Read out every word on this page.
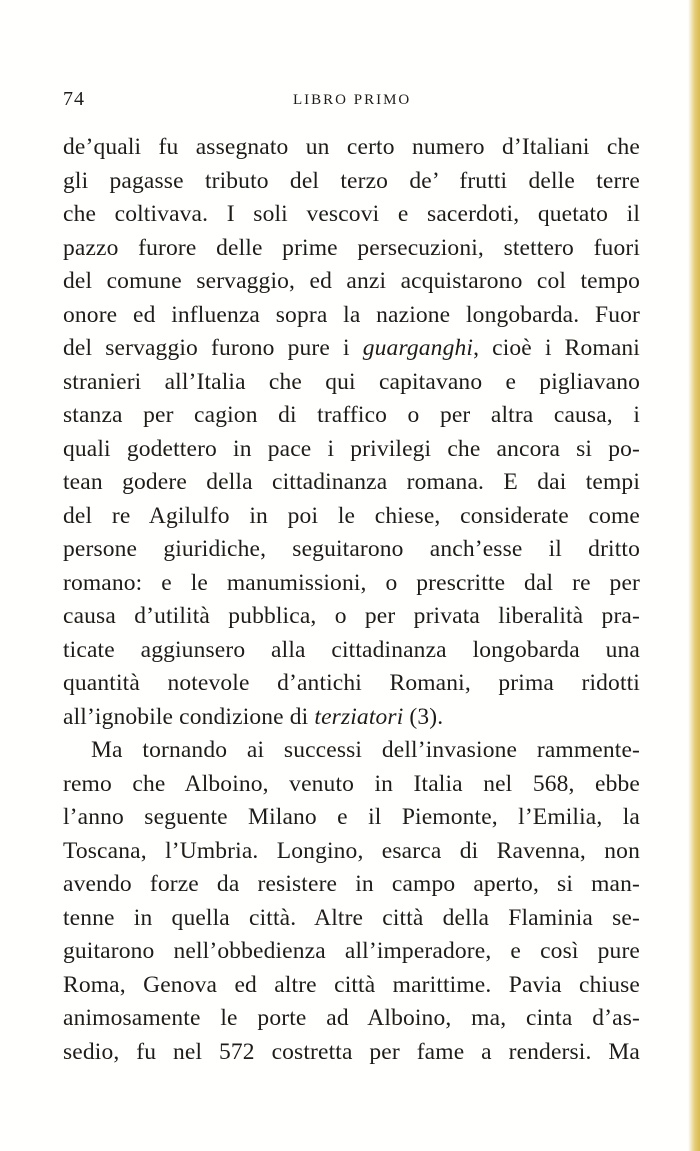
74	LIBRO PRIMO
de’quali fu assegnato un certo numero d’Italiani che
gli pagasse tributo del terzo de’ frutti delle terre
che coltivava. I soli vescovi e sacerdoti, quetato il
pazzo furore delle prime persecuzioni, stettero fuori
del comune servaggio, ed anzi acquistarono col tempo
onore ed influenza sopra la nazione longobarda. Fuor
del servaggio furono pure i guarganghi, cioè i Romani
stranieri all’Italia che qui capitavano e pigliavano
stanza per cagion di traffico o per altra causa, i
quali godettero in pace i privilegi che ancora si po-
tean godere della cittadinanza romana. E dai tempi
del re Agilulfo in poi le chiese, considerate come
persone giuridiche, seguitarono anch’esse il dritto
romano: e le manumissioni, o prescritte dal re per
causa d’utilità pubblica, o per privata liberalità pra-
ticate aggiunsero alla cittadinanza longobarda una
quantità notevole d’antichi Romani, prima ridotti
all’ignobile condizione di terziatori (3).
Ma tornando ai successi dell’invasione rammente-
remo che Alboino, venuto in Italia nel 568, ebbe
l’anno seguente Milano e il Piemonte, l’Emilia, la
Toscana, l’Umbria. Longino, esarca di Ravenna, non
avendo forze da resistere in campo aperto, si man-
tenne in quella città. Altre città della Flaminia se-
guitarono nell’obbedienza all’imperadore, e così pure
Roma, Genova ed altre città marittime. Pavia chiuse
animosamente le porte ad Alboino, ma, cinta d’as-
sedio, fu nel 572 costretta per fame a rendersi. Ma
